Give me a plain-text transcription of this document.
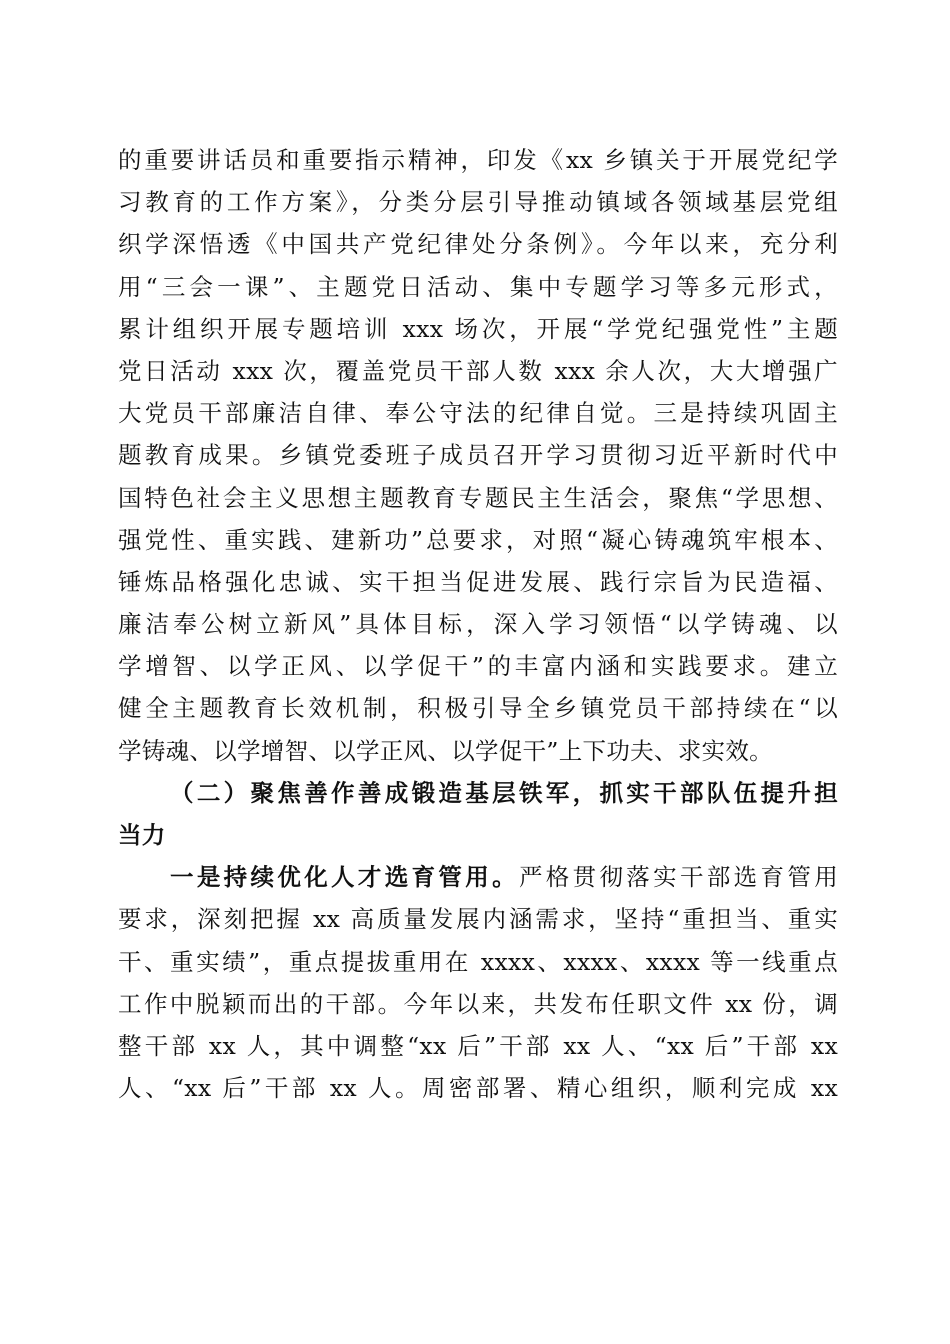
的重要讲话员和重要指示精神，印发《xx 乡镇关于开展党纪学
习教育的工作方案》，分类分层引导推动镇域各领域基层党组
织学深悟透《中国共产党纪律处分条例》。今年以来，充分利
用“三会一课”、主题党日活动、集中专题学习等多元形式，
累计组织开展专题培训 xxx 场次，开展“学党纪强党性”主题
党日活动 xxx 次，覆盖党员干部人数 xxx 余人次，大大增强广
大党员干部廉洁自律、奉公守法的纪律自觉。三是持续巩固主
题教育成果。乡镇党委班子成员召开学习贯彻习近平新时代中
国特色社会主义思想主题教育专题民主生活会，聚焦“学思想、
强党性、重实践、建新功”总要求，对照“凝心铸魂筑牢根本、
锤炼品格强化忠诚、实干担当促进发展、践行宗旨为民造福、
廉洁奉公树立新风”具体目标，深入学习领悟“以学铸魂、以
学增智、以学正风、以学促干”的丰富内涵和实践要求。建立
健全主题教育长效机制，积极引导全乡镇党员干部持续在“以
学铸魂、以学增智、以学正风、以学促干”上下功夫、求实效。
（二）聚焦善作善成锻造基层铁军，抓实干部队伍提升担
当力
一是持续优化人才选育管用。严格贯彻落实干部选育管用
要求，深刻把握 xx 高质量发展内涵需求，坚持“重担当、重实
干、重实绩”，重点提拔重用在 xxxx、xxxx、xxxx 等一线重点
工作中脱颖而出的干部。今年以来，共发布任职文件 xx 份，调
整干部 xx 人，其中调整“xx 后”干部 xx 人、“xx 后”干部 xx
人、“xx 后”干部 xx 人。周密部署、精心组织，顺利完成 xx
